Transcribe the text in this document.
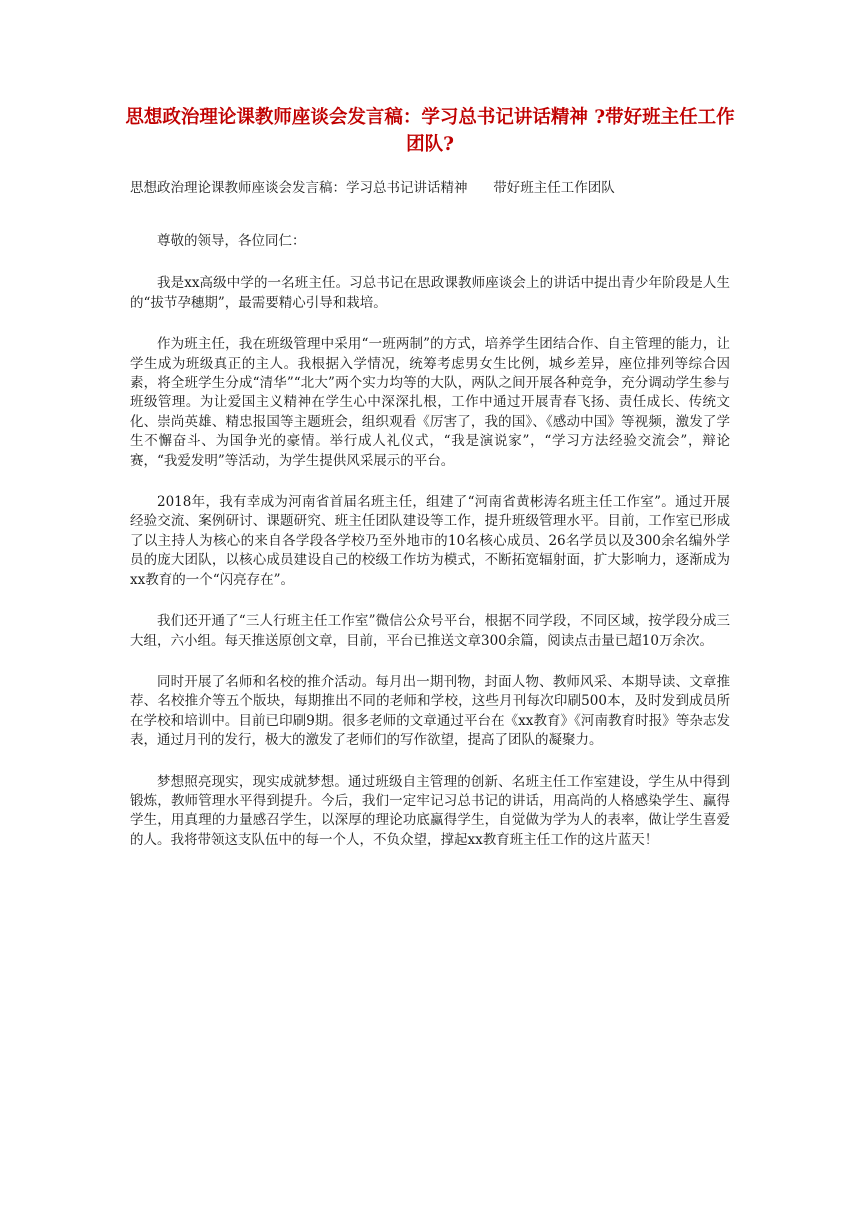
思想政治理论课教师座谈会发言稿：学习总书记讲话精神 ?带好班主任工作团队?
思想政治理论课教师座谈会发言稿：学习总书记讲话精神      带好班主任工作团队

尊敬的领导，各位同仁：

我是xx高级中学的一名班主任。习总书记在思政课教师座谈会上的讲话中提出青少年阶段是人生的“拔节孕穗期”，最需要精心引导和栽培。

作为班主任，我在班级管理中采用“一班两制”的方式，培养学生团结合作、自主管理的能力，让学生成为班级真正的主人。我根据入学情况，统筹考虑男女生比例，城乡差异，座位排列等综合因素，将全班学生分成“清华”“北大”两个实力均等的大队，两队之间开展各种竞争，充分调动学生参与班级管理。为让爱国主义精神在学生心中深深扎根，工作中通过开展青春飞扬、责任成长、传统文化、崇尚英雄、精忠报国等主题班会，组织观看《厉害了，我的国》、《感动中国》等视频，激发了学生不懈奋斗、为国争光的豪情。举行成人礼仪式，“我是演说家”，“学习方法经验交流会”，辩论赛，“我爱发明”等活动，为学生提供风采展示的平台。

2018年，我有幸成为河南省首届名班主任，组建了“河南省黄彬涛名班主任工作室”。通过开展经验交流、案例研讨、课题研究、班主任团队建设等工作，提升班级管理水平。目前，工作室已形成了以主持人为核心的来自各学段各学校乃至外地市的10名核心成员、26名学员以及300余名编外学员的庞大团队，以核心成员建设自己的校级工作坊为模式，不断拓宽辐射面，扩大影响力，逐渐成为xx教育的一个“闪亮存在”。

我们还开通了“三人行班主任工作室”微信公众号平台，根据不同学段，不同区域，按学段分成三大组，六小组。每天推送原创文章，目前，平台已推送文章300余篇，阅读点击量已超10万余次。

同时开展了名师和名校的推介活动。每月出一期刊物，封面人物、教师风采、本期导读、文章推荐、名校推介等五个版块，每期推出不同的老师和学校，这些月刊每次印刷500本，及时发到成员所在学校和培训中。目前已印刷9期。很多老师的文章通过平台在《xx教育》《河南教育时报》等杂志发表，通过月刊的发行，极大的激发了老师们的写作欲望，提高了团队的凝聚力。

梦想照亮现实，现实成就梦想。通过班级自主管理的创新、名班主任工作室建设，学生从中得到锻炼，教师管理水平得到提升。今后，我们一定牢记习总书记的讲话，用高尚的人格感染学生、赢得学生，用真理的力量感召学生，以深厚的理论功底赢得学生，自觉做为学为人的表率，做让学生喜爱的人。我将带领这支队伍中的每一个人，不负众望，撑起xx教育班主任工作的这片蓝天！
